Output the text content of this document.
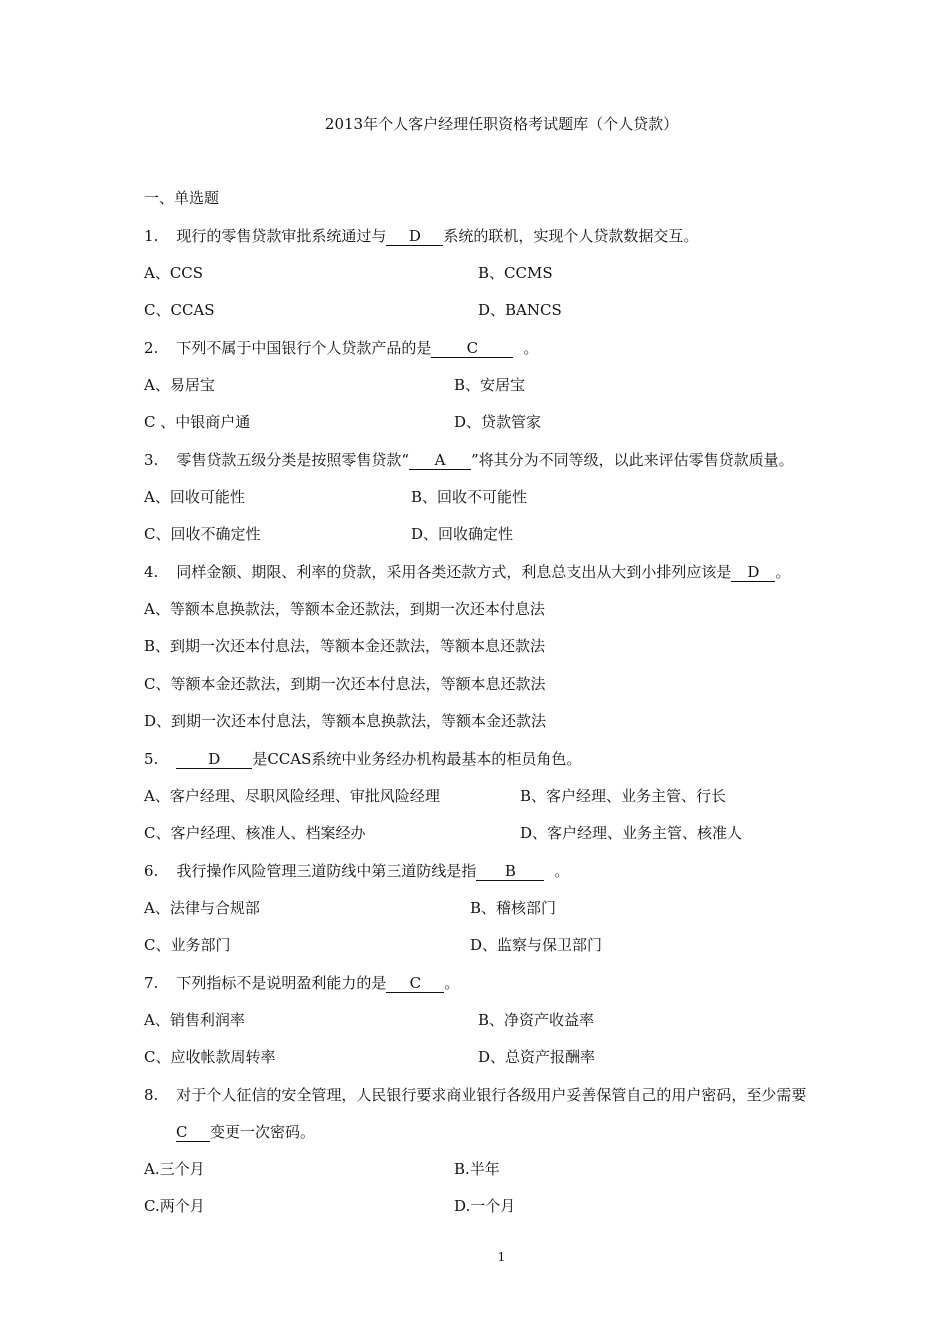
2013年个人客户经理任职资格考试题库（个人贷款）
一、单选题
1. 现行的零售贷款审批系统通过与 D 系统的联机，实现个人贷款数据交互。
A、CCS	B、CCMS
C、CCAS	D、BANCS
2. 下列不属于中国银行个人贷款产品的是 C	。
A、易居宝	B、安居宝
C 、中银商户通	D、贷款管家
3. 零售贷款五级分类是按照零售贷款“ A ”将其分为不同等级，以此来评估零售贷款质量。
A、回收可能性	B、回收不可能性
C、回收不确定性	D、回收确定性
4. 同样金额、期限、利率的贷款，采用各类还款方式，利息总支出从大到小排列应该是 D 。
A、等额本息换款法，等额本金还款法，到期一次还本付息法
B、到期一次还本付息法，等额本金还款法，等额本息还款法
C、等额本金还款法，到期一次还本付息法，等额本息还款法
D、到期一次还本付息法，等额本息换款法，等额本金还款法
5.	D 是CCAS系统中业务经办机构最基本的柜员角色。
A、客户经理、尽职风险经理、审批风险经理	B、客户经理、业务主管、行长
C、客户经理、核准人、档案经办	D、客户经理、业务主管、核准人
6. 我行操作风险管理三道防线中第三道防线是指 B	。
A、法律与合规部	B、稽核部门
C、业务部门	D、监察与保卫部门
7. 下列指标不是说明盈利能力的是 C 。
A、销售利润率	B、净资产收益率
C、应收帐款周转率	D、总资产报酬率
8. 对于个人征信的安全管理，人民银行要求商业银行各级用户妥善保管自己的用户密码，至少需要
C 变更一次密码。
A.三个月	B.半年
C.两个月	D.一个月
1
